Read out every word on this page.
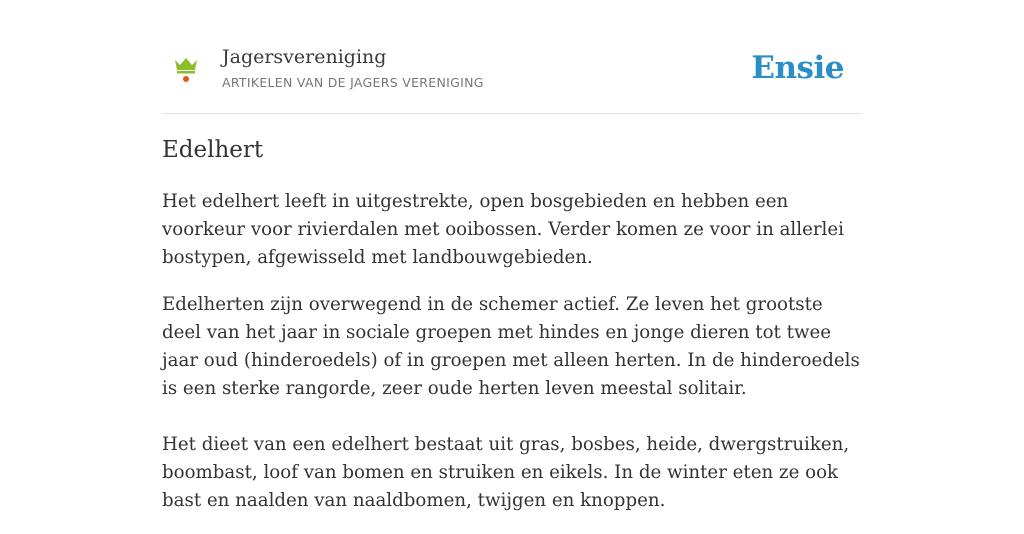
Jagersvereniging
ARTIKELEN VAN DE JAGERS VERENIGING	Ensie
Edelhert

Het edelhert leeft in uitgestrekte, open bosgebieden en hebben een voorkeur voor rivierdalen met ooibossen. Verder komen ze voor in allerlei bostypen, afgewisseld met landbouwgebieden.

Edelherten zijn overwegend in de schemer actief. Ze leven het grootste deel van het jaar in sociale groepen met hindes en jonge dieren tot twee jaar oud (hinderoedels) of in groepen met alleen herten. In de hinderoedels is een sterke rangorde, zeer oude herten leven meestal solitair.

Het dieet van een edelhert bestaat uit gras, bosbes, heide, dwergstruiken, boombast, loof van bomen en struiken en eikels. In de winter eten ze ook bast en naalden van naaldbomen, twijgen en knoppen.
